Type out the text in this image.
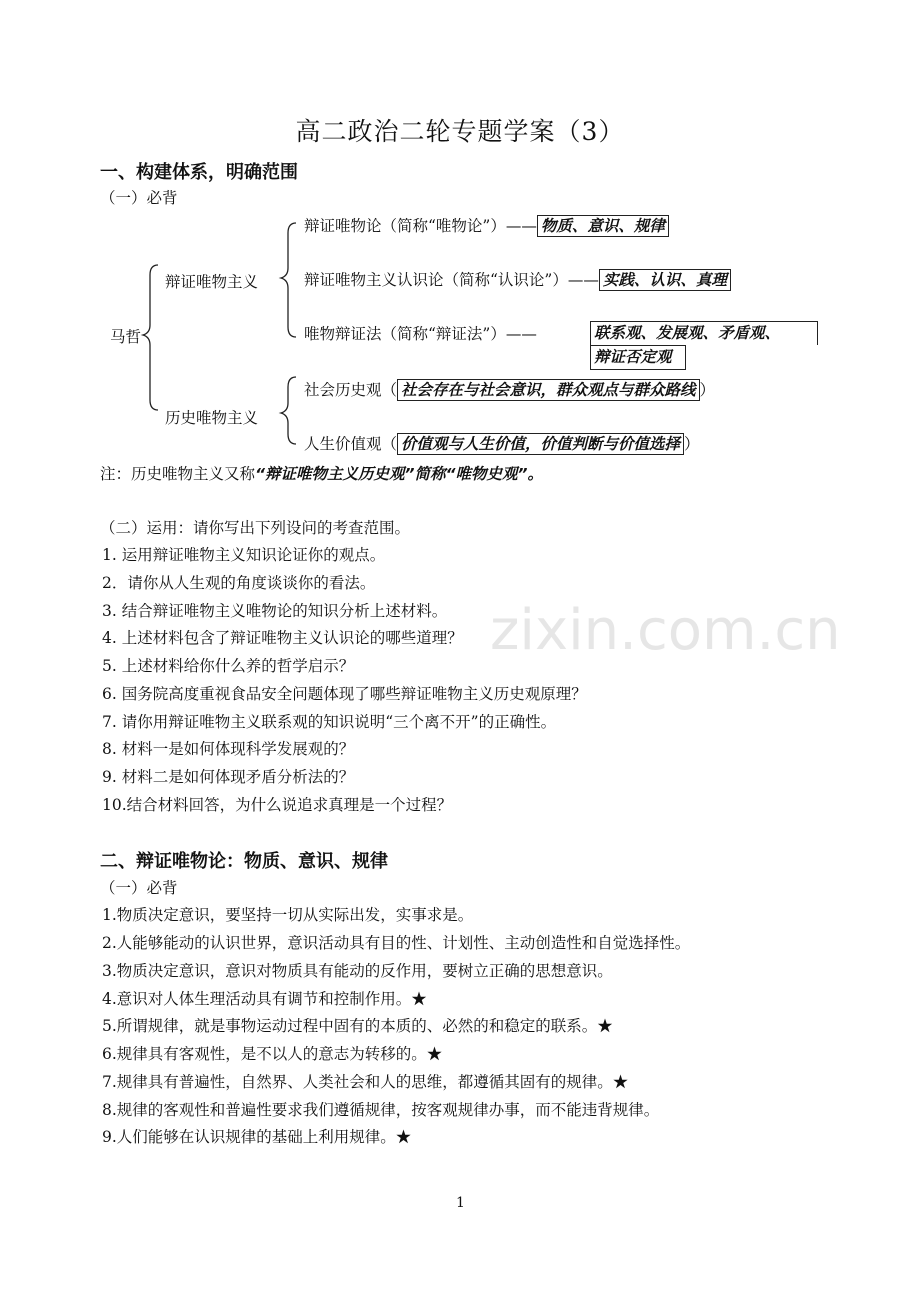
高二政治二轮专题学案（3）
一、构建体系，明确范围
（一）必背
马哲
辩证唯物主义
历史唯物主义
辩证唯物论（简称“唯物论”）—— 物质、意识、规律
辩证唯物主义认识论（简称“认识论”）—— 实践、认识、真理
唯物辩证法（简称“辩证法”）——	联系观、发展观、矛盾观、
辩证否定观
社会历史观（ 社会存在与社会意识，群众观点与群众路线 ）
人生价值观（ 价值观与人生价值，价值判断与价值选择 ）
注：历史唯物主义又称“辩证唯物主义历史观”简称“唯物史观”。
（二）运用：请你写出下列设问的考查范围。
1. 运用辩证唯物主义知识论证你的观点。
2．请你从人生观的角度谈谈你的看法。
3. 结合辩证唯物主义唯物论的知识分析上述材料。
4. 上述材料包含了辩证唯物主义认识论的哪些道理？
5. 上述材料给你什么养的哲学启示？
6. 国务院高度重视食品安全问题体现了哪些辩证唯物主义历史观原理？
7. 请你用辩证唯物主义联系观的知识说明“三个离不开”的正确性。
8. 材料一是如何体现科学发展观的？
9. 材料二是如何体现矛盾分析法的？
10.结合材料回答，为什么说追求真理是一个过程？
二、辩证唯物论：物质、意识、规律
（一）必背
1.物质决定意识，要坚持一切从实际出发，实事求是。
2.人能够能动的认识世界，意识活动具有目的性、计划性、主动创造性和自觉选择性。
3.物质决定意识，意识对物质具有能动的反作用，要树立正确的思想意识。
4.意识对人体生理活动具有调节和控制作用。★
5.所谓规律，就是事物运动过程中固有的本质的、必然的和稳定的联系。★
6.规律具有客观性，是不以人的意志为转移的。★
7.规律具有普遍性，自然界、人类社会和人的思维，都遵循其固有的规律。★
8.规律的客观性和普遍性要求我们遵循规律，按客观规律办事，而不能违背规律。
9.人们能够在认识规律的基础上利用规律。★
zixin.com.cn
1
